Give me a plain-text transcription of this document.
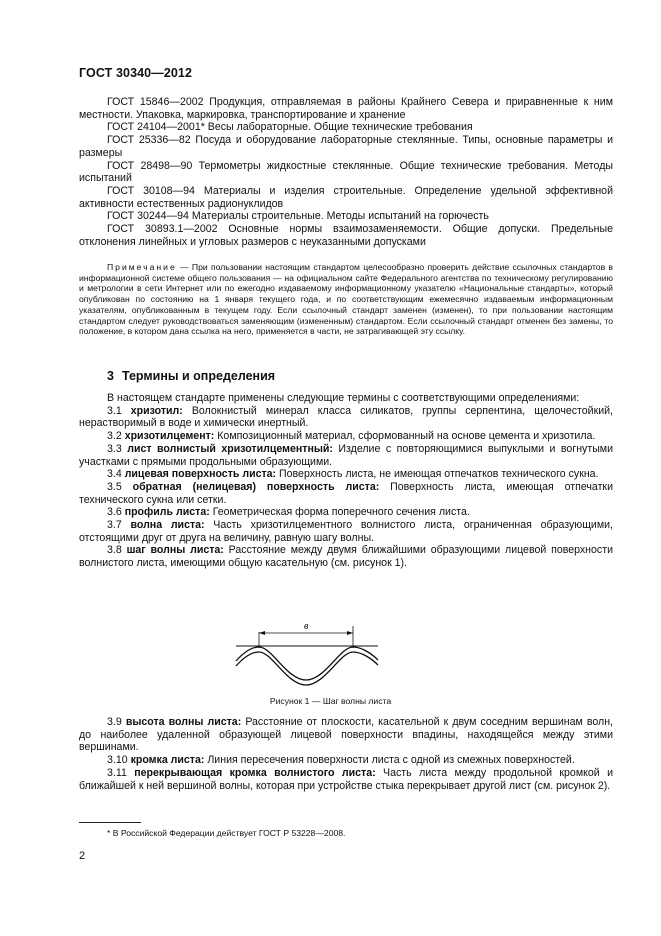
ГОСТ 30340—2012

ГОСТ 15846—2002 Продукция, отправляемая в районы Крайнего Севера и приравненные к ним местности. Упаковка, маркировка, транспортирование и хранение

ГОСТ 24104—2001* Весы лабораторные. Общие технические требования

ГОСТ 25336—82 Посуда и оборудование лабораторные стеклянные. Типы, основные параметры и размеры

ГОСТ 28498—90 Термометры жидкостные стеклянные. Общие технические требования. Методы испытаний

ГОСТ 30108—94 Материалы и изделия строительные. Определение удельной эффективной активности естественных радионуклидов

ГОСТ 30244—94 Материалы строительные. Методы испытаний на горючесть

ГОСТ 30893.1—2002 Основные нормы взаимозаменяемости. Общие допуски. Предельные отклонения линейных и угловых размеров с неуказанными допусками

Примечание — При пользовании настоящим стандартом целесообразно проверить действие ссылочных стандартов в информационной системе общего пользования — на официальном сайте Федерального агентства по техническому регулированию и метрологии в сети Интернет или по ежегодно издаваемому информационному указателю «Национальные стандарты», который опубликован по состоянию на 1 января текущего года, и по соответствующим ежемесячно издаваемым информационным указателям, опубликованным в текущем году. Если ссылочный стандарт заменен (изменен), то при пользовании настоящим стандартом следует руководствоваться заменяющим (измененным) стандартом. Если ссылочный стандарт отменен без замены, то положение, в котором дана ссылка на него, применяется в части, не затрагивающей эту ссылку.

3 Термины и определения

В настоящем стандарте применены следующие термины с соответствующими определениями:

3.1 хризотил: Волокнистый минерал класса силикатов, группы серпентина, щелочестойкий, нерастворимый в воде и химически инертный.

3.2 хризотилцемент: Композиционный материал, сформованный на основе цемента и хризотила.

3.3 лист волнистый хризотилцементный: Изделие с повторяющимися выпуклыми и вогнутыми участками с прямыми продольными образующими.

3.4 лицевая поверхность листа: Поверхность листа, не имеющая отпечатков технического сукна.

3.5 обратная (нелицевая) поверхность листа: Поверхность листа, имеющая отпечатки технического сукна или сетки.

3.6 профиль листа: Геометрическая форма поперечного сечения листа.

3.7 волна листа: Часть хризотилцементного волнистого листа, ограниченная образующими, отстоящими друг от друга на величину, равную шагу волны.

3.8 шаг волны листа: Расстояние между двумя ближайшими образующими лицевой поверхности волнистого листа, имеющими общую касательную (см. рисунок 1).

в
Рисунок 1 — Шаг волны листа

3.9 высота волны листа: Расстояние от плоскости, касательной к двум соседним вершинам волн, до наиболее удаленной образующей лицевой поверхности впадины, находящейся между этими вершинами.

3.10 кромка листа: Линия пересечения поверхности листа с одной из смежных поверхностей.

3.11 перекрывающая кромка волнистого листа: Часть листа между продольной кромкой и ближайшей к ней вершиной волны, которая при устройстве стыка перекрывает другой лист (см. рисунок 2).

* В Российской Федерации действует ГОСТ Р 53228—2008.
2
